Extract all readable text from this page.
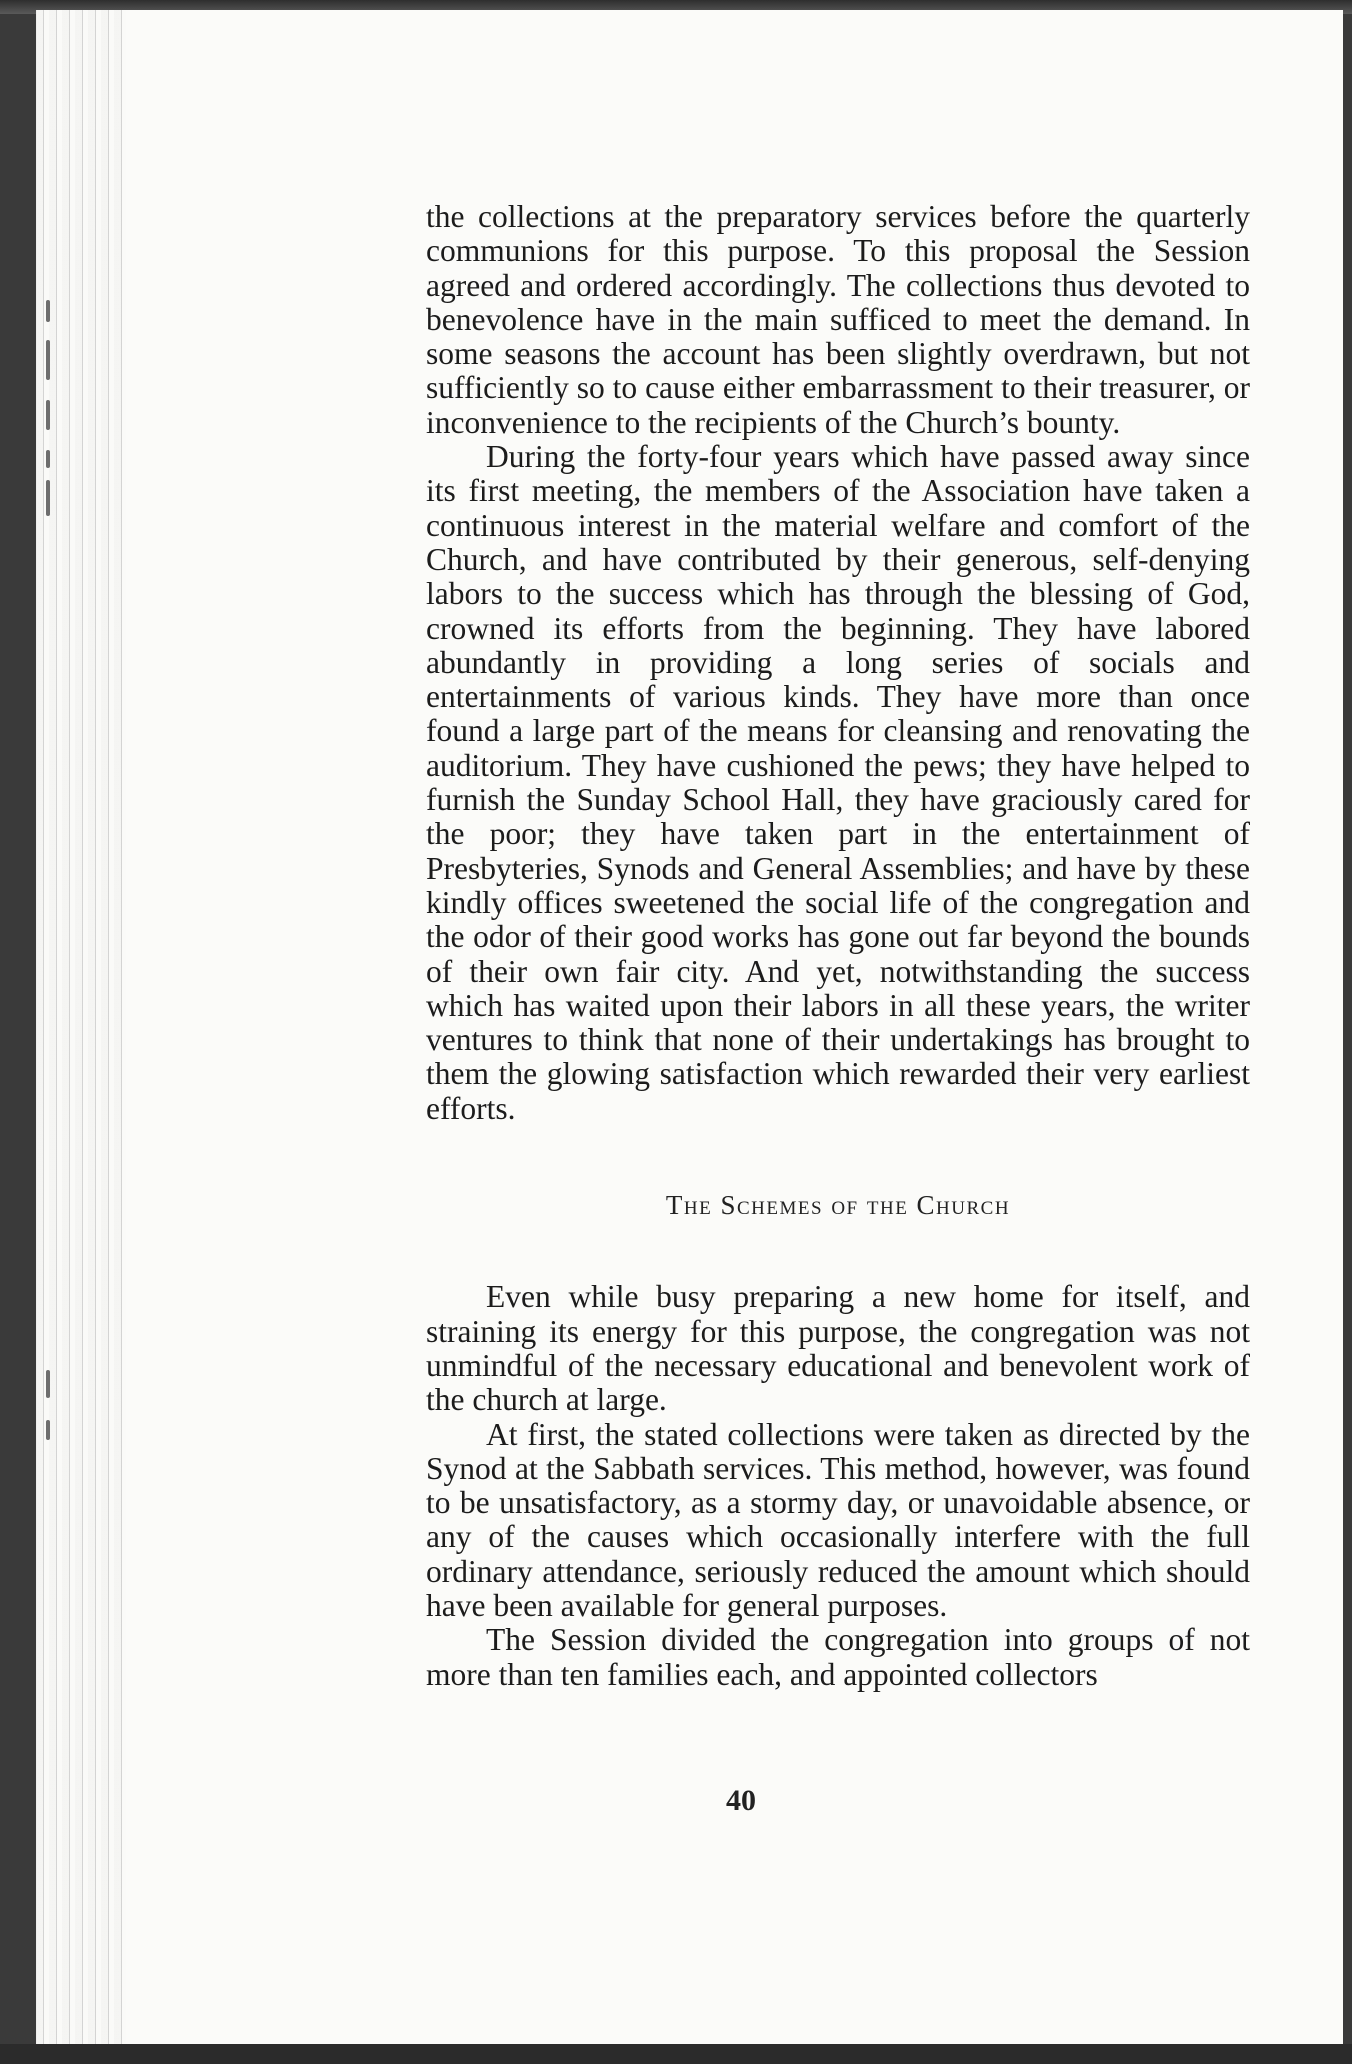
the collections at the preparatory services before the quarterly communions for this purpose. To this proposal the Session agreed and ordered accordingly. The collections thus devoted to benevolence have in the main sufficed to meet the demand. In some seasons the account has been slightly overdrawn, but not sufficiently so to cause either embarrassment to their treasurer, or inconvenience to the recipients of the Church’s bounty.

During the forty-four years which have passed away since its first meeting, the members of the Association have taken a continuous interest in the material welfare and comfort of the Church, and have contributed by their generous, self-denying labors to the success which has through the blessing of God, crowned its efforts from the beginning. They have labored abundantly in providing a long series of socials and entertainments of various kinds. They have more than once found a large part of the means for cleansing and renovating the auditorium. They have cushioned the pews; they have helped to furnish the Sunday School Hall, they have graciously cared for the poor; they have taken part in the entertainment of Presbyteries, Synods and General Assemblies; and have by these kindly offices sweetened the social life of the congregation and the odor of their good works has gone out far beyond the bounds of their own fair city. And yet, notwithstanding the success which has waited upon their labors in all these years, the writer ventures to think that none of their undertakings has brought to them the glowing satisfaction which rewarded their very earliest efforts.

The Schemes of the Church

Even while busy preparing a new home for itself, and straining its energy for this purpose, the congregation was not unmindful of the necessary educational and benevolent work of the church at large.

At first, the stated collections were taken as directed by the Synod at the Sabbath services. This method, however, was found to be unsatisfactory, as a stormy day, or unavoidable absence, or any of the causes which occasionally interfere with the full ordinary attendance, seriously reduced the amount which should have been available for general purposes.

The Session divided the congregation into groups of not more than ten families each, and appointed collectors

40
